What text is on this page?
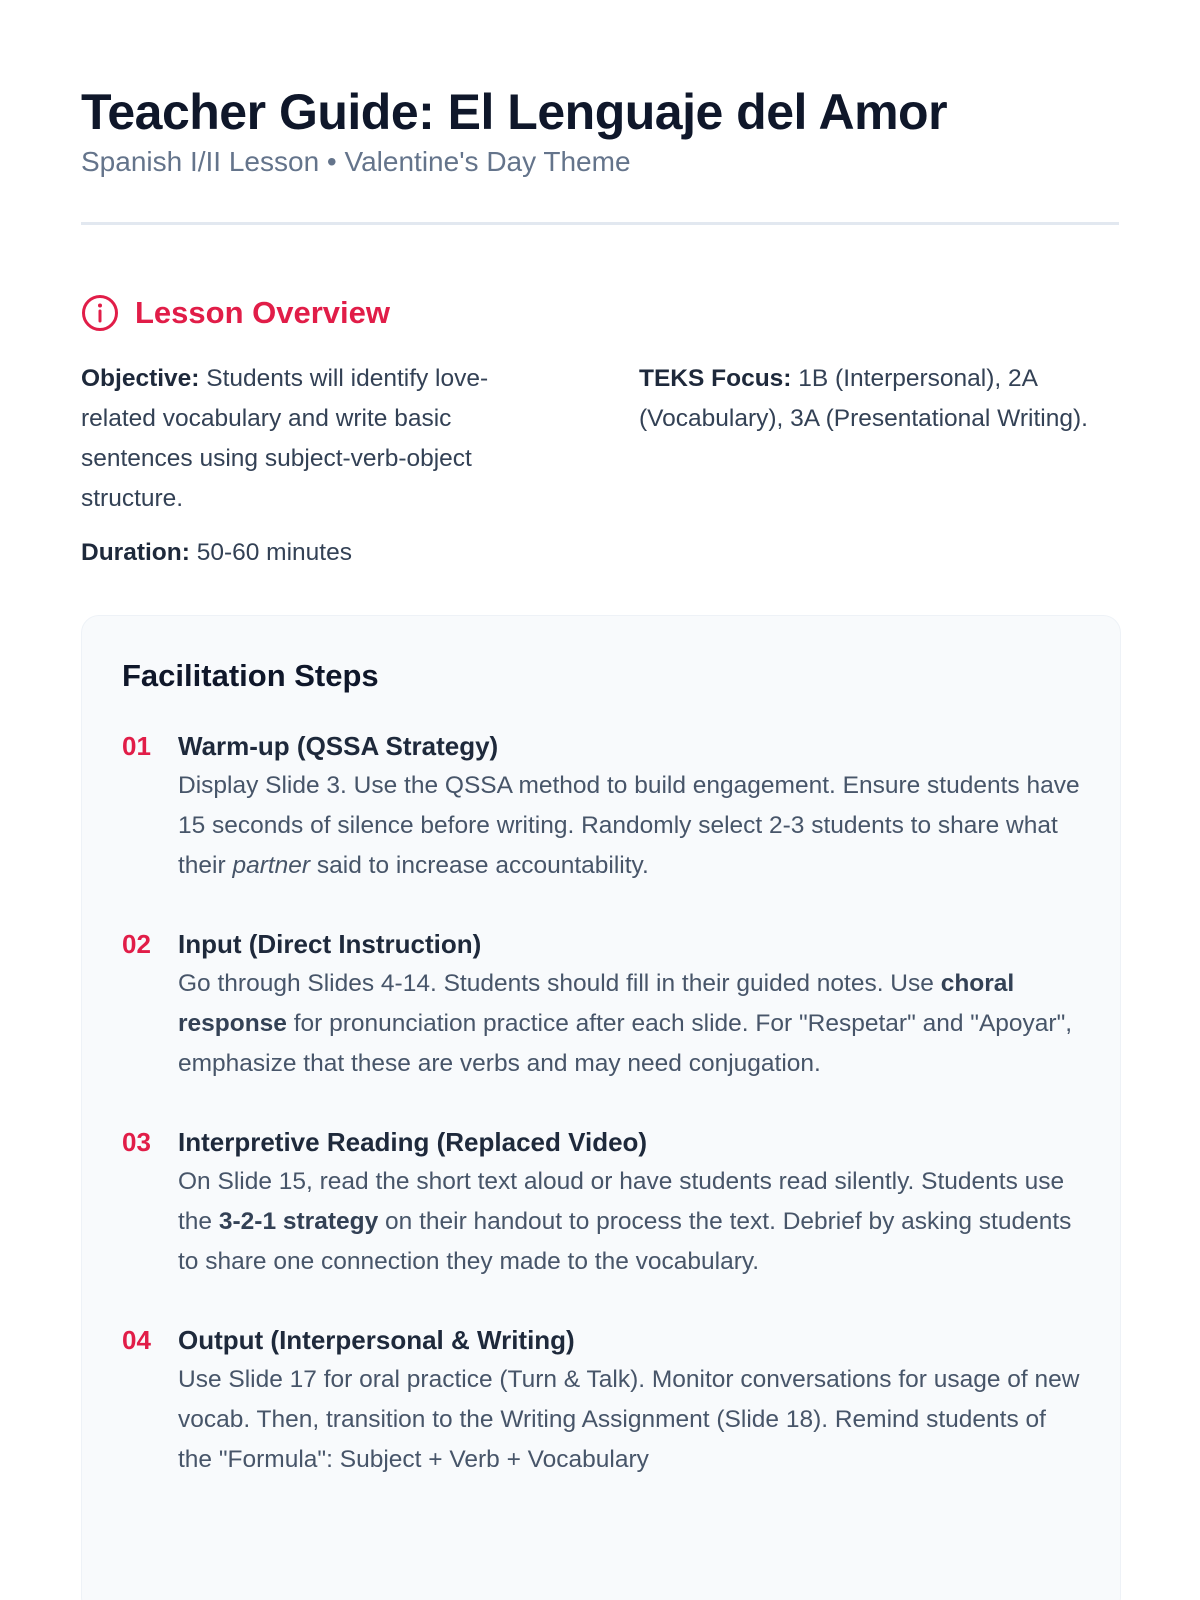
Teacher Guide: El Lenguaje del Amor
Spanish I/II Lesson • Valentine's Day Theme
Lesson Overview
Objective: Students will identify love-related vocabulary and write basic sentences using subject-verb-object structure.
TEKS Focus: 1B (Interpersonal), 2A (Vocabulary), 3A (Presentational Writing).
Duration: 50-60 minutes
Facilitation Steps
01	Warm-up (QSSA Strategy)
Display Slide 3. Use the QSSA method to build engagement. Ensure students have 15 seconds of silence before writing. Randomly select 2-3 students to share what their partner said to increase accountability.
02	Input (Direct Instruction)
Go through Slides 4-14. Students should fill in their guided notes. Use choral response for pronunciation practice after each slide. For "Respetar" and "Apoyar", emphasize that these are verbs and may need conjugation.
03	Interpretive Reading (Replaced Video)
On Slide 15, read the short text aloud or have students read silently. Students use the 3-2-1 strategy on their handout to process the text. Debrief by asking students to share one connection they made to the vocabulary.
04	Output (Interpersonal & Writing)
Use Slide 17 for oral practice (Turn & Talk). Monitor conversations for usage of new vocab. Then, transition to the Writing Assignment (Slide 18). Remind students of the "Formula": Subject + Verb + Vocabulary
